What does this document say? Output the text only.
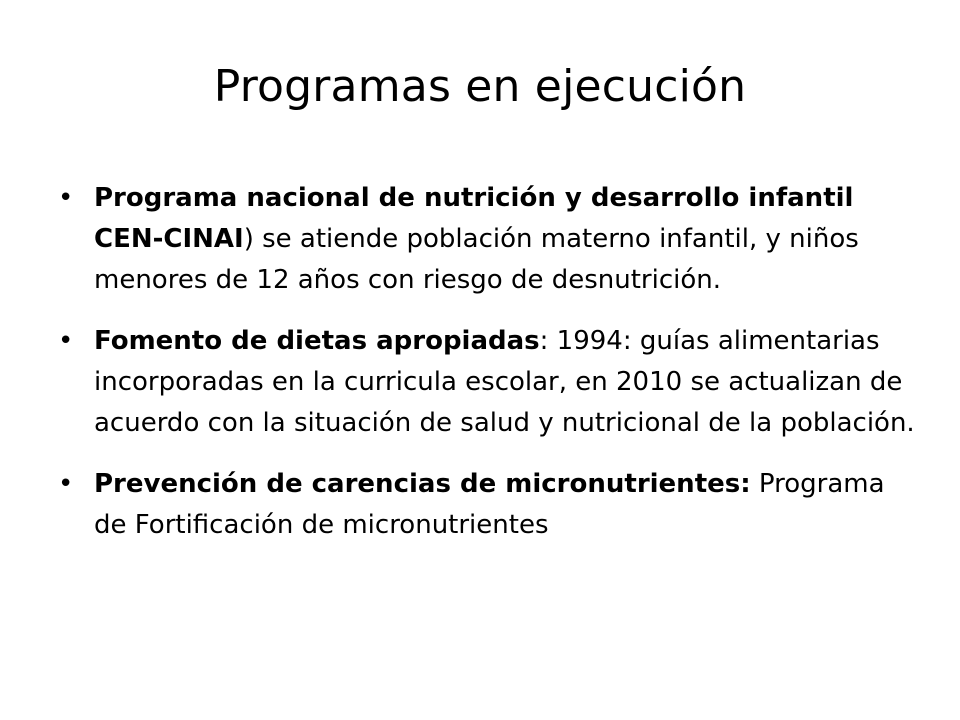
Programas en ejecución
• Programa nacional de nutrición y desarrollo infantil CEN-CINAI) se atiende población materno infantil, y niños menores de 12 años con riesgo de desnutrición.
• Fomento de dietas apropiadas: 1994: guías alimentarias incorporadas en la curricula escolar, en 2010 se actualizan de acuerdo con la situación de salud y nutricional de la población.
• Prevención de carencias de micronutrientes: Programa de Fortificación de micronutrientes
